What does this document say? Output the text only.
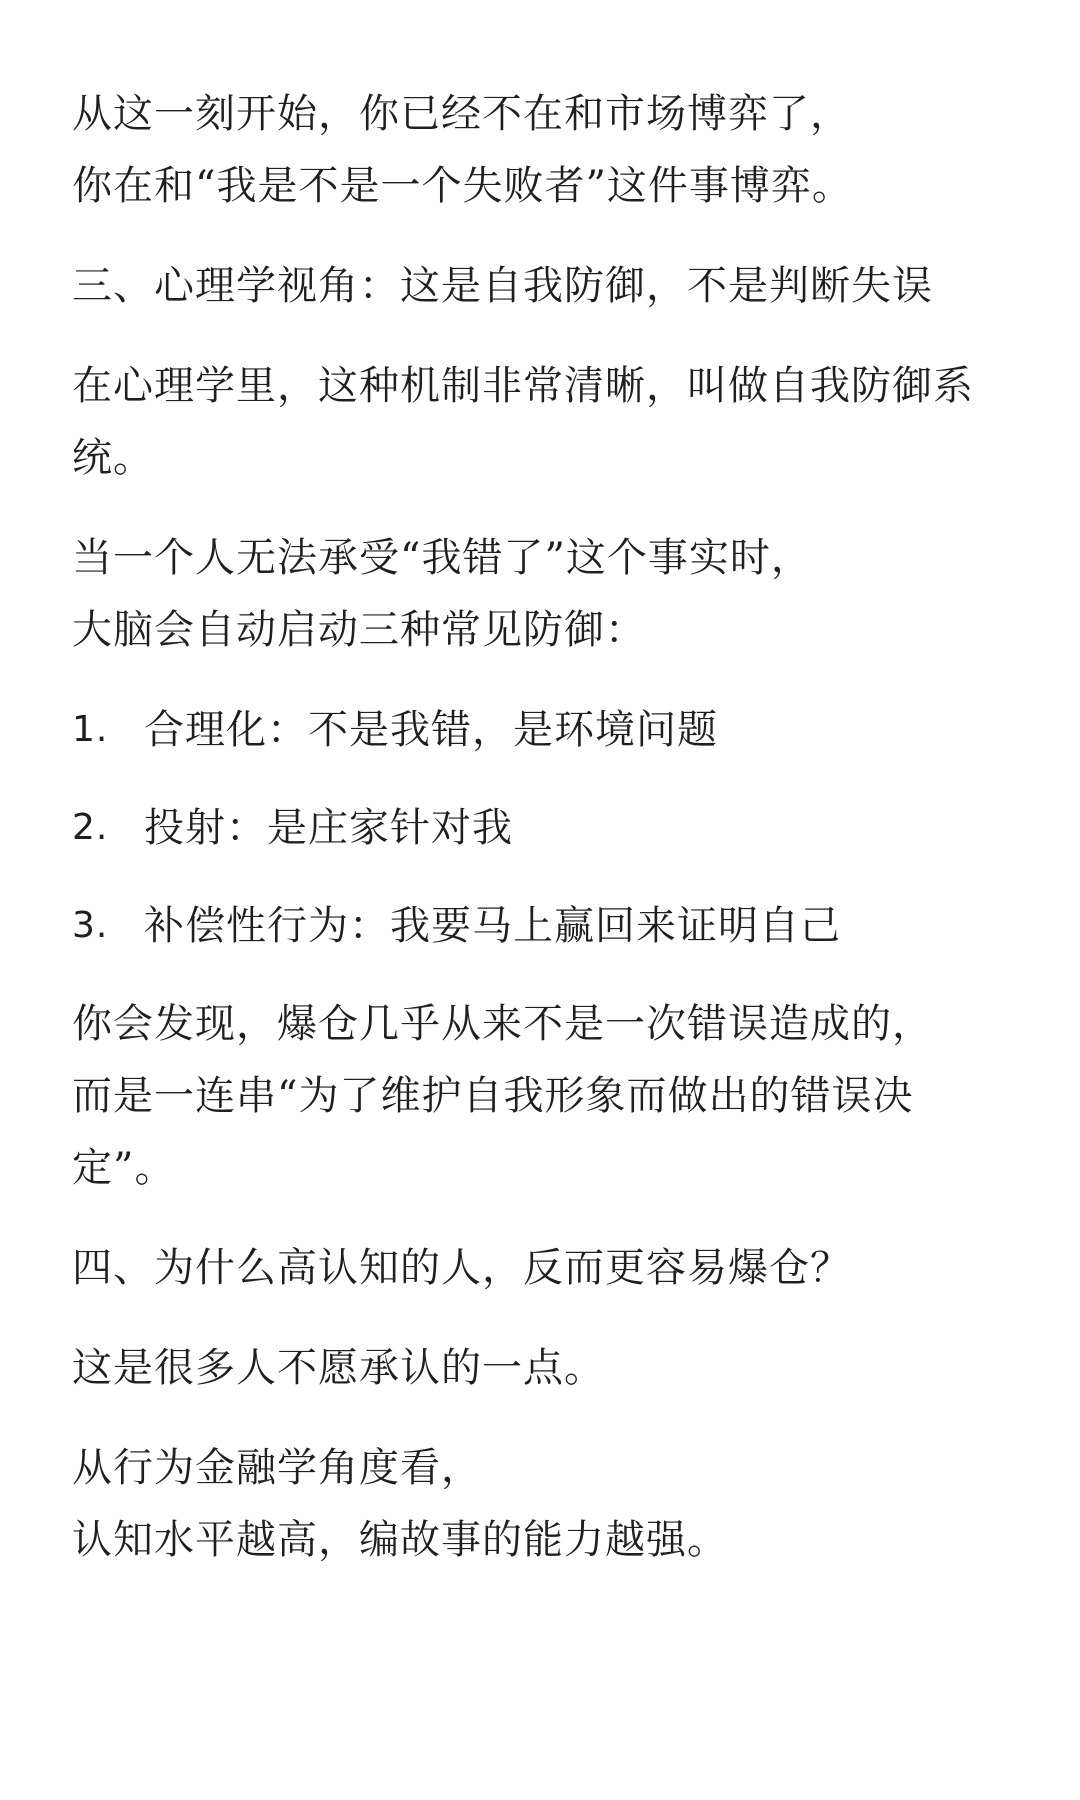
从这一刻开始，你已经不在和市场博弈了，
你在和“我是不是一个失败者”这件事博弈。

三、心理学视角：这是自我防御，不是判断失误

在心理学里，这种机制非常清晰，叫做自我防御系
统。

当一个人无法承受“我错了”这个事实时，
大脑会自动启动三种常见防御：

1. 合理化：不是我错，是环境问题
2. 投射：是庄家针对我
3. 补偿性行为：我要马上赢回来证明自己

你会发现，爆仓几乎从来不是一次错误造成的，
而是一连串“为了维护自我形象而做出的错误决
定”。

四、为什么高认知的人，反而更容易爆仓？

这是很多人不愿承认的一点。

从行为金融学角度看，
认知水平越高，编故事的能力越强。
